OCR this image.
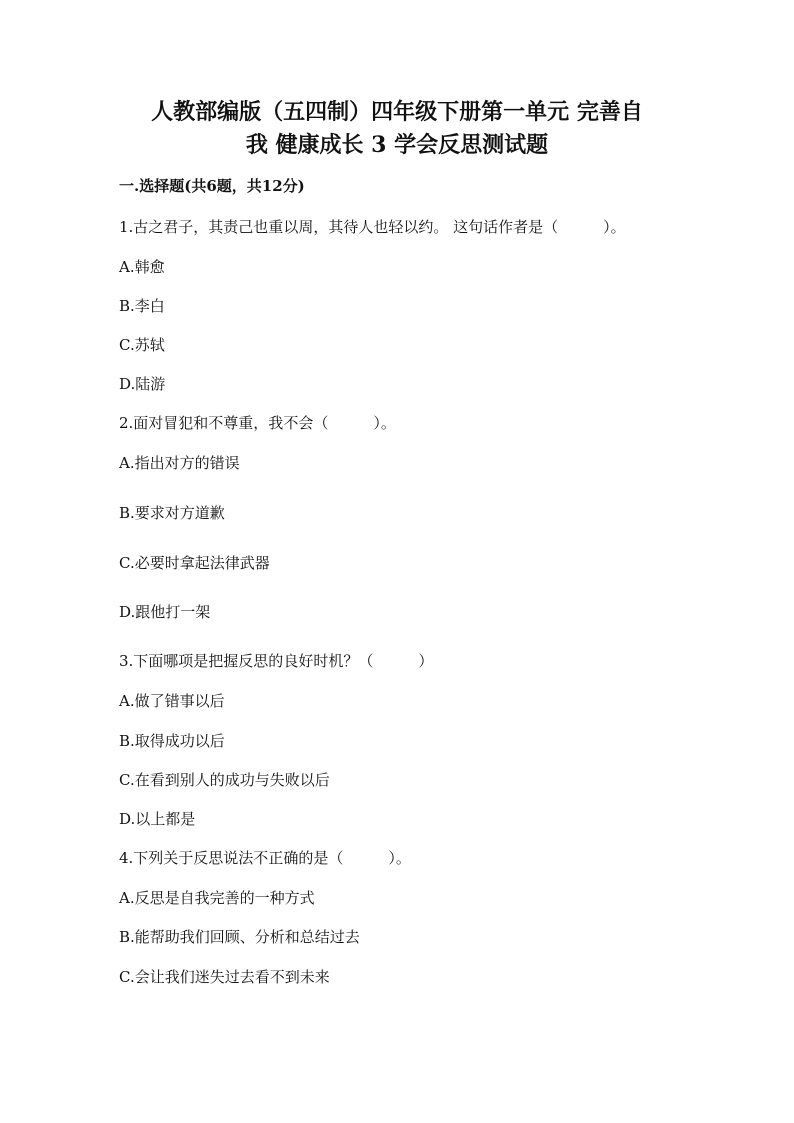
人教部编版（五四制）四年级下册第一单元 完善自
我 健康成长 3 学会反思测试题
一.选择题(共6题，共12分)
1.古之君子，其责己也重以周，其待人也轻以约。 这句话作者是（　　　）。
A.韩愈
B.李白
C.苏轼
D.陆游
2.面对冒犯和不尊重，我不会（　　　）。
A.指出对方的错误
B.要求对方道歉
C.必要时拿起法律武器
D.跟他打一架
3.下面哪项是把握反思的良好时机？（　　　）
A.做了错事以后
B.取得成功以后
C.在看到别人的成功与失败以后
D.以上都是
4.下列关于反思说法不正确的是（　　　）。
A.反思是自我完善的一种方式
B.能帮助我们回顾、分析和总结过去
C.会让我们迷失过去看不到未来
